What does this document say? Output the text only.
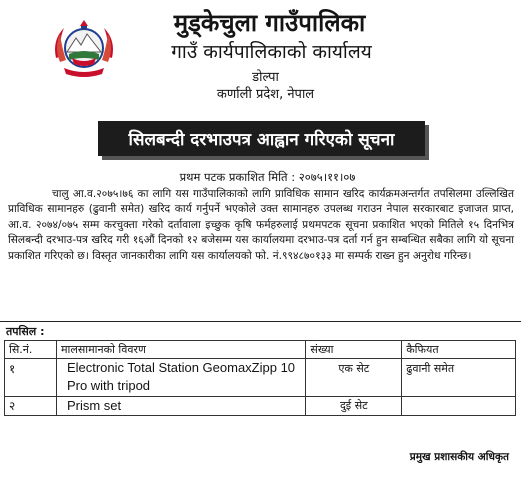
मुड्केचुला गाउँपालिका
गाउँ कार्यपालिकाको कार्यालय
डोल्पा
कर्णाली प्रदेश, नेपाल
सिलबन्दी दरभाउपत्र आह्वान गरिएको सूचना
प्रथम पटक प्रकाशित मिति : २०७५।११।०७

चालु आ.व.२०७५।७६ का लागि यस गाउँपालिकाको लागि प्राविधिक सामान खरिद कार्यक्रमअन्तर्गत तपसिलमा उल्लिखित प्राविधिक सामानहरु (ढुवानी समेत) खरिद कार्य गर्नुपर्ने भएकोले उक्त सामानहरु उपलब्ध गराउन नेपाल सरकारबाट इजाजत प्राप्त, आ.व. २०७४/०७५ सम्म करचुक्ता गरेको दर्तावाला इच्छुक कृषि फर्महरुलाई प्रथमपटक सूचना प्रकाशित भएको मितिले १५ दिनभित्र सिलबन्दी दरभाउ-पत्र खरिद गरी १६औं दिनको १२ बजेसम्म यस कार्यालयमा दरभाउ-पत्र दर्ता गर्न हुन सम्बन्धित सबैका लागि यो सूचना प्रकाशित गरिएको छ। विस्तृत जानकारीका लागि यस कार्यालयको फो. नं.९९४८७०१३३ मा सम्पर्क राख्न हुन अनुरोध गरिन्छ।

तपसिल :
सि.नं.	मालसामानको विवरण	संख्या	कैफियत
१	Electronic Total Station GeomaxZipp 10 Pro with tripod	एक सेट	ढुवानी समेत
२	Prism set	दुई सेट	
प्रमुख प्रशासकीय अधिकृत
